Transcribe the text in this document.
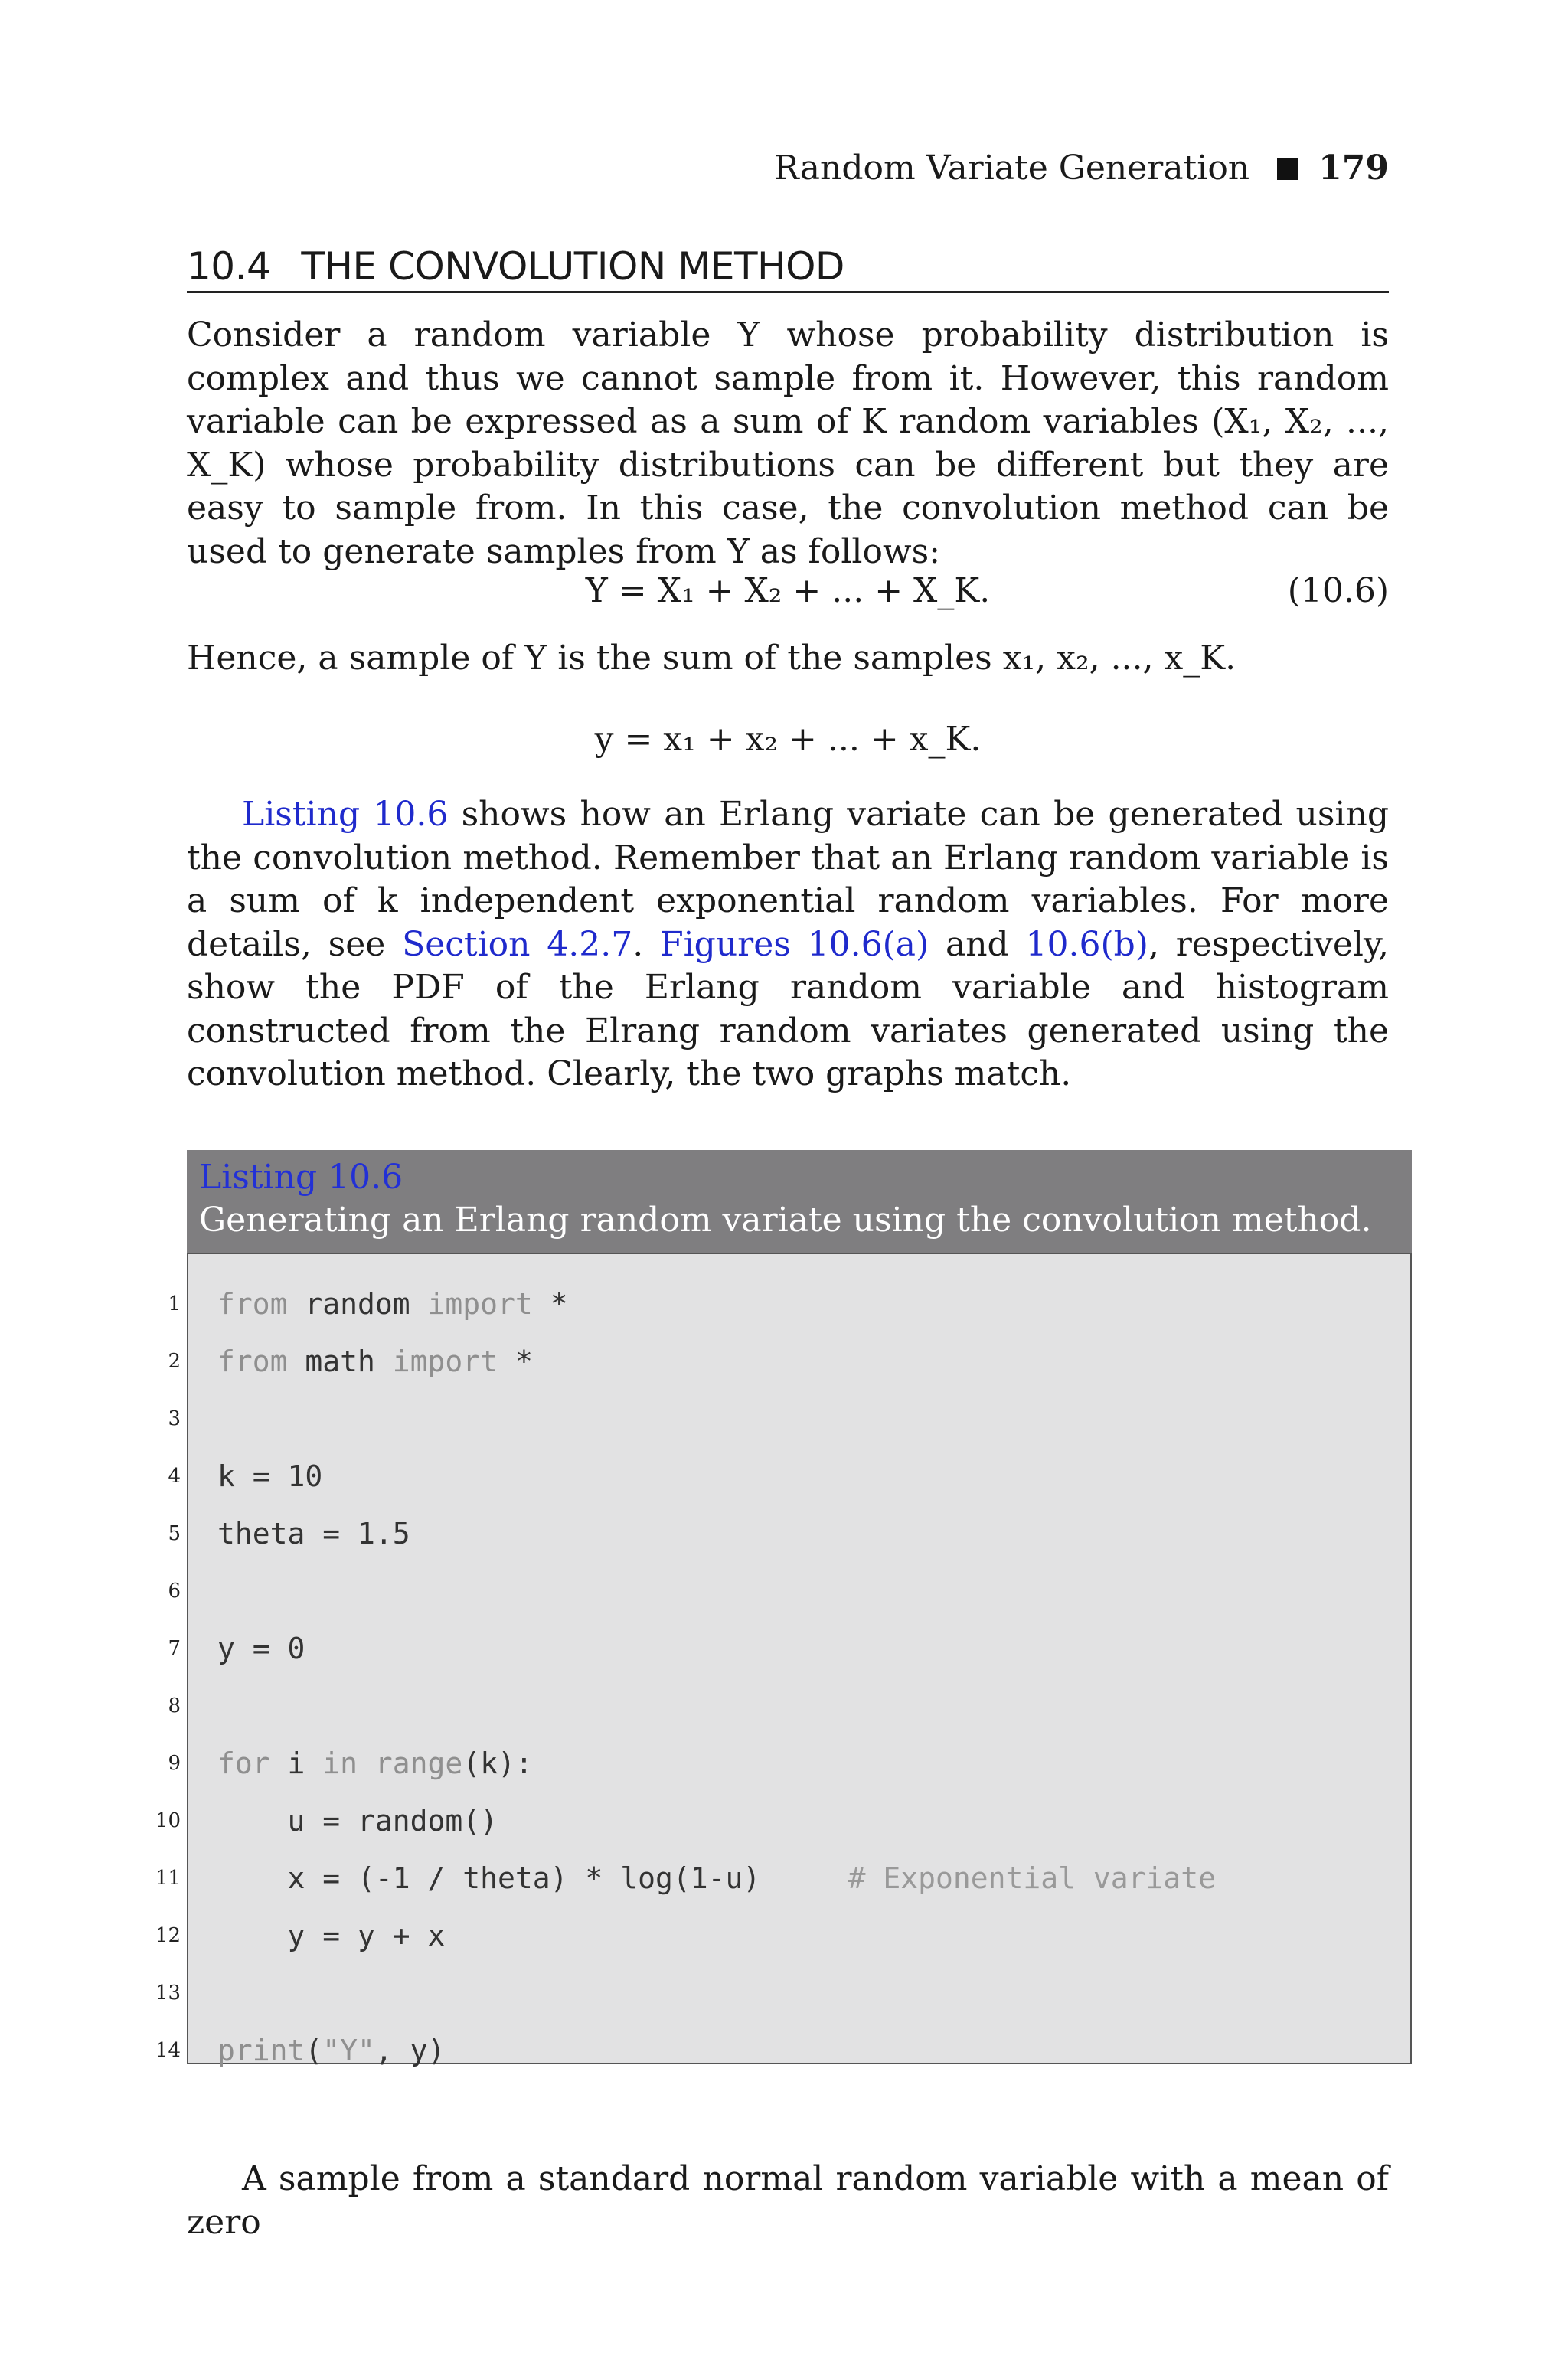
Random Variate Generation 179
10.4 THE CONVOLUTION METHOD

Consider a random variable Y whose probability distribution is complex and thus we cannot sample from it. However, this random variable can be expressed as a sum of K random variables (X₁, X₂, ..., X_K) whose probability distributions can be different but they are easy to sample from. In this case, the convolution method can be used to generate samples from Y as follows:

Y = X₁ + X₂ + ... + X_K.	(10.6)

Hence, a sample of Y is the sum of the samples x₁, x₂, ..., x_K.

y = x₁ + x₂ + ... + x_K.

Listing 10.6 shows how an Erlang variate can be generated using the convolution method. Remember that an Erlang random variable is a sum of k independent exponential random variables. For more details, see Section 4.2.7. Figures 10.6(a) and 10.6(b), respectively, show the PDF of the Erlang random variable and histogram constructed from the Elrang random variates generated using the convolution method. Clearly, the two graphs match.

Listing 10.6
Generating an Erlang random variate using the convolution method.
1 from random import *
2 from math import *
3
4 k = 10
5 theta = 1.5
6
7 y = 0
8
9 for i in range(k):
10 u = random()
11 x = (-1 / theta) * log(1-u)     # Exponential variate
12 y = y + x
13
14 print("Y", y)

A sample from a standard normal random variable with a mean of zero
